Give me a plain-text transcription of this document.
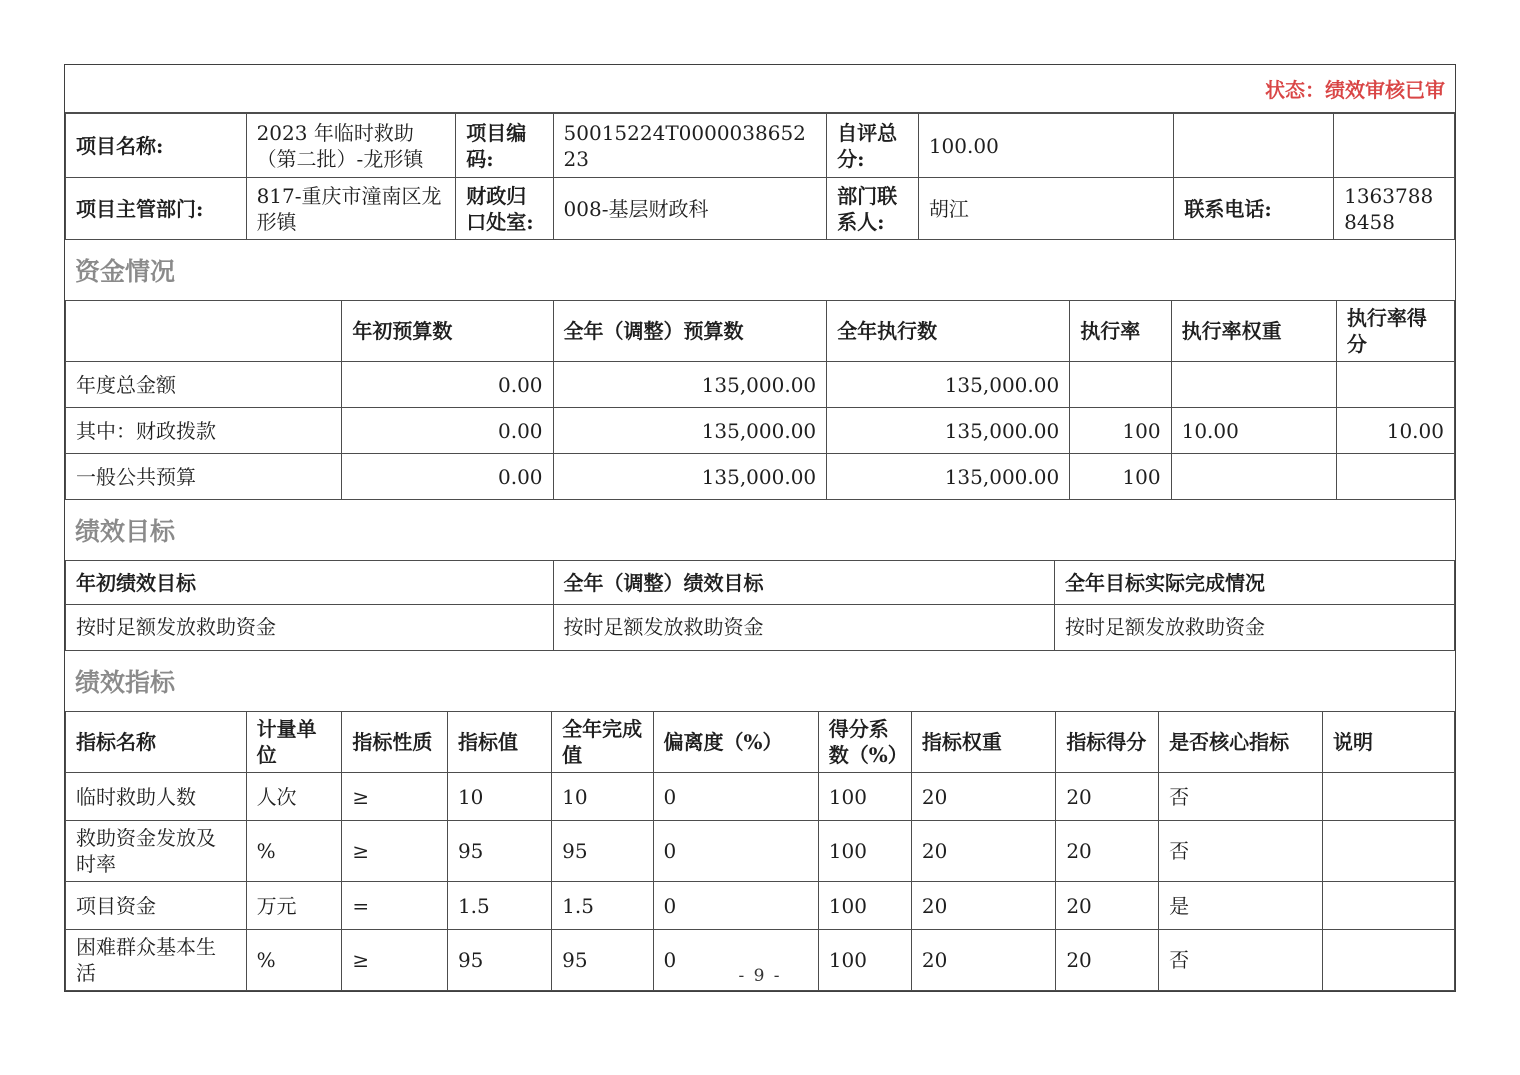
状态：绩效审核已审
项目名称:	2023 年临时救助（第二批）-龙形镇	项目编码:	50015224T000003865223	自评总分:	100.00		
项目主管部门:	817-重庆市潼南区龙形镇	财政归口处室:	008-基层财政科	部门联系人:	胡江	联系电话:	13637888458
资金情况
	年初预算数	全年（调整）预算数	全年执行数	执行率	执行率权重	执行率得分
年度总金额	0.00	135,000.00	135,000.00			
其中：财政拨款	0.00	135,000.00	135,000.00	100	10.00	10.00
一般公共预算	0.00	135,000.00	135,000.00	100		
绩效目标
年初绩效目标	全年（调整）绩效目标	全年目标实际完成情况
按时足额发放救助资金	按时足额发放救助资金	按时足额发放救助资金
绩效指标
指标名称	计量单位	指标性质	指标值	全年完成值	偏离度（%）	得分系数（%）	指标权重	指标得分	是否核心指标	说明
临时救助人数	人次	≥	10	10	0	100	20	20	否	
救助资金发放及时率	%	≥	95	95	0	100	20	20	否	
项目资金	万元	=	1.5	1.5	0	100	20	20	是	
困难群众基本生活	%	≥	95	95	0	100	20	20	否	
- 9 -
